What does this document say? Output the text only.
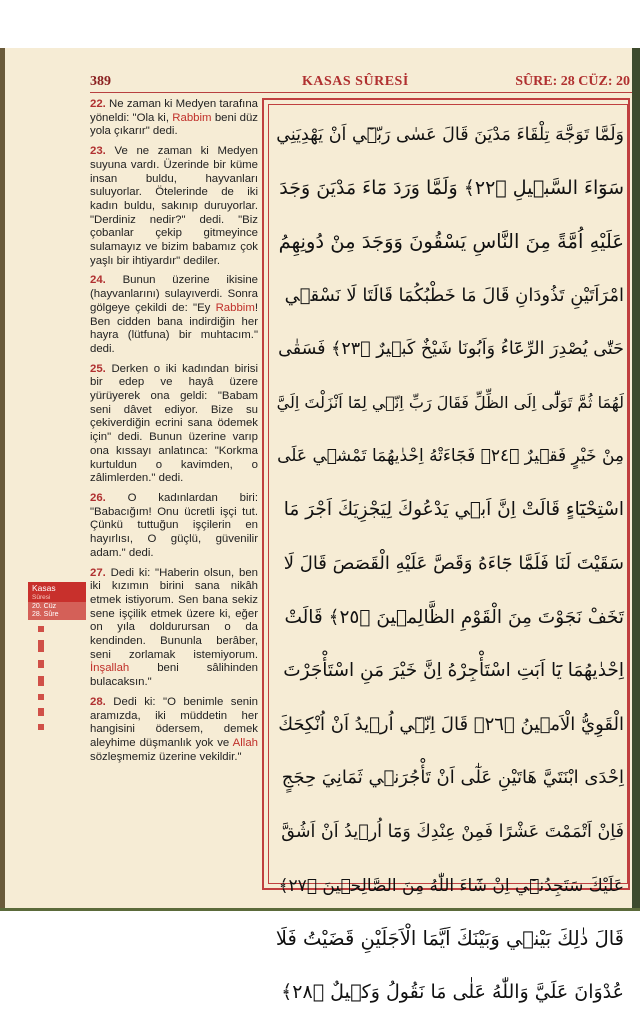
389	KASAS SÛRESİ	SÛRE: 28 CÜZ: 20
Kasas
Sûresi
20. Cüz
28. Sûre

22. Ne zaman ki Medyen tarafına yöneldi: "Ola ki, Rabbim beni düz yola çıkarır" dedi.

23. Ve ne zaman ki Medyen suyuna vardı. Üzerinde bir küme insan buldu, hayvanları suluyorlar. Ötelerinde de iki kadın buldu, sakınıp duruyorlar. "Derdiniz nedir?" dedi. "Biz çobanlar çekip gitmeyince sulamayız ve bizim babamız çok yaşlı bir ihtiyardır" dediler.

24. Bunun üzerine ikisine (hayvanlarını) sulayıverdi. Sonra gölgeye çekildi de: "Ey Rabbim! Ben cidden bana indirdiğin her hayra (lütfuna) bir muhtacım." dedi.

25. Derken o iki kadından birisi bir edep ve hayâ üzere yürüyerek ona geldi: "Babam seni dâvet ediyor. Bize su çekiverdiğin ecrini sana ödemek için" dedi. Bunun üzerine varıp ona kıssayı anlatınca: "Korkma kurtuldun o kavimden, o zâlimlerden." dedi.

26. O kadınlardan biri: "Babacığım! Onu ücretli işçi tut. Çünkü tuttuğun işçilerin en hayırlısı, O güçlü, güvenilir adam." dedi.

27. Dedi ki: "Haberin olsun, ben iki kızımın birini sana nikâh etmek istiyorum. Sen bana sekiz sene işçilik etmek üzere ki, eğer on yıla doldurursan o da kendinden. Bununla berâber, seni zorlamak istemiyorum. İnşallah beni sâlihinden bulacaksın."

28. Dedi ki: "O benimle senin aramızda, iki müddetin her hangisini ödersem, demek aleyhime düşmanlık yok ve Allah sözleşmemiz üzerine vekildir."

وَلَمَّا تَوَجَّهَ تِلْقَاءَ مَدْيَنَ قَالَ عَسٰى رَبّ۪ٓي اَنْ يَهْدِيَنِي
سَوَٓاءَ السَّب۪يلِ ﴿٢٢﴾ وَلَمَّا وَرَدَ مَٓاءَ مَدْيَنَ وَجَدَ
عَلَيْهِ اُمَّةً مِنَ النَّاسِ يَسْقُونَ وَوَجَدَ مِنْ دُونِهِمُ
امْرَاَتَيْنِ تَذُودَانِ قَالَ مَا خَطْبُكُمَا قَالَتَا لَا نَسْق۪ي
حَتّٰى يُصْدِرَ الرِّعَٓاءُ وَاَبُونَا شَيْخٌ كَب۪يرٌ ﴿٢٣﴾ فَسَقٰى
لَهُمَا ثُمَّ تَوَلّٰٓى اِلَى الظِّلِّ فَقَالَ رَبِّ اِنّ۪ي لِمَٓا اَنْزَلْتَ اِلَيَّ
مِنْ خَيْرٍ فَق۪يرٌ ﴿٢٤﴾ فَجَٓاءَتْهُ اِحْدٰيهُمَا تَمْش۪ي عَلَى
اسْتِحْيَٓاءٍ قَالَتْ اِنَّ اَب۪ي يَدْعُوكَ لِيَجْزِيَكَ اَجْرَ مَا
سَقَيْتَ لَنَا فَلَمَّا جَٓاءَهُ وَقَصَّ عَلَيْهِ الْقَصَصَ قَالَ لَا
تَخَفْ نَجَوْتَ مِنَ الْقَوْمِ الظَّالِم۪ينَ ﴿٢٥﴾ قَالَتْ
اِحْدٰيهُمَا يَٓا اَبَتِ اسْتَأْجِرْهُ اِنَّ خَيْرَ مَنِ اسْتَأْجَرْتَ
الْقَوِيُّ الْاَم۪ينُ ﴿٢٦﴾ قَالَ اِنّ۪ٓي اُر۪يدُ اَنْ اُنْكِحَكَ
اِحْدَى ابْنَتَيَّ هَاتَيْنِ عَلٰٓى اَنْ تَأْجُرَن۪ي ثَمَانِيَ حِجَجٍ
فَاِنْ اَتْمَمْتَ عَشْرًا فَمِنْ عِنْدِكَ وَمَٓا اُر۪يدُ اَنْ اَشُقَّ
عَلَيْكَ سَتَجِدُن۪ٓي اِنْ شَٓاءَ اللّٰهُ مِنَ الصَّالِح۪ينَ ﴿٢٧﴾
قَالَ ذٰلِكَ بَيْن۪ي وَبَيْنَكَ اَيَّمَا الْاَجَلَيْنِ قَضَيْتُ فَلَا
عُدْوَانَ عَلَيَّ وَاللّٰهُ عَلٰى مَا نَقُولُ وَك۪يلٌ ﴿٢٨﴾
